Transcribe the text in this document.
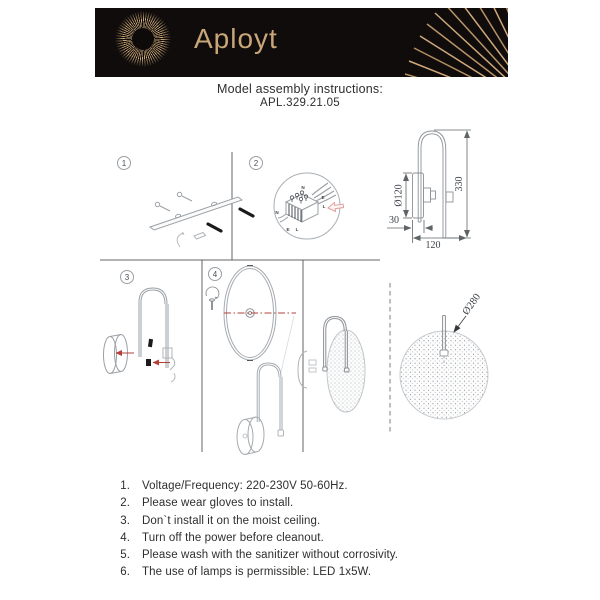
Aployt
Model assembly instructions:
APL.329.21.05
1	2
3	4
N
E
L
N
E L
330
Ø120
30
120
Ø280
1. Voltage/Frequency: 220-230V 50-60Hz.
2. Please wear gloves to install.
3. Don`t install it on the moist ceiling.
4. Turn off the power before cleanout.
5. Please wash with the sanitizer without corrosivity.
6. The use of lamps is permissible: LED 1x5W.
